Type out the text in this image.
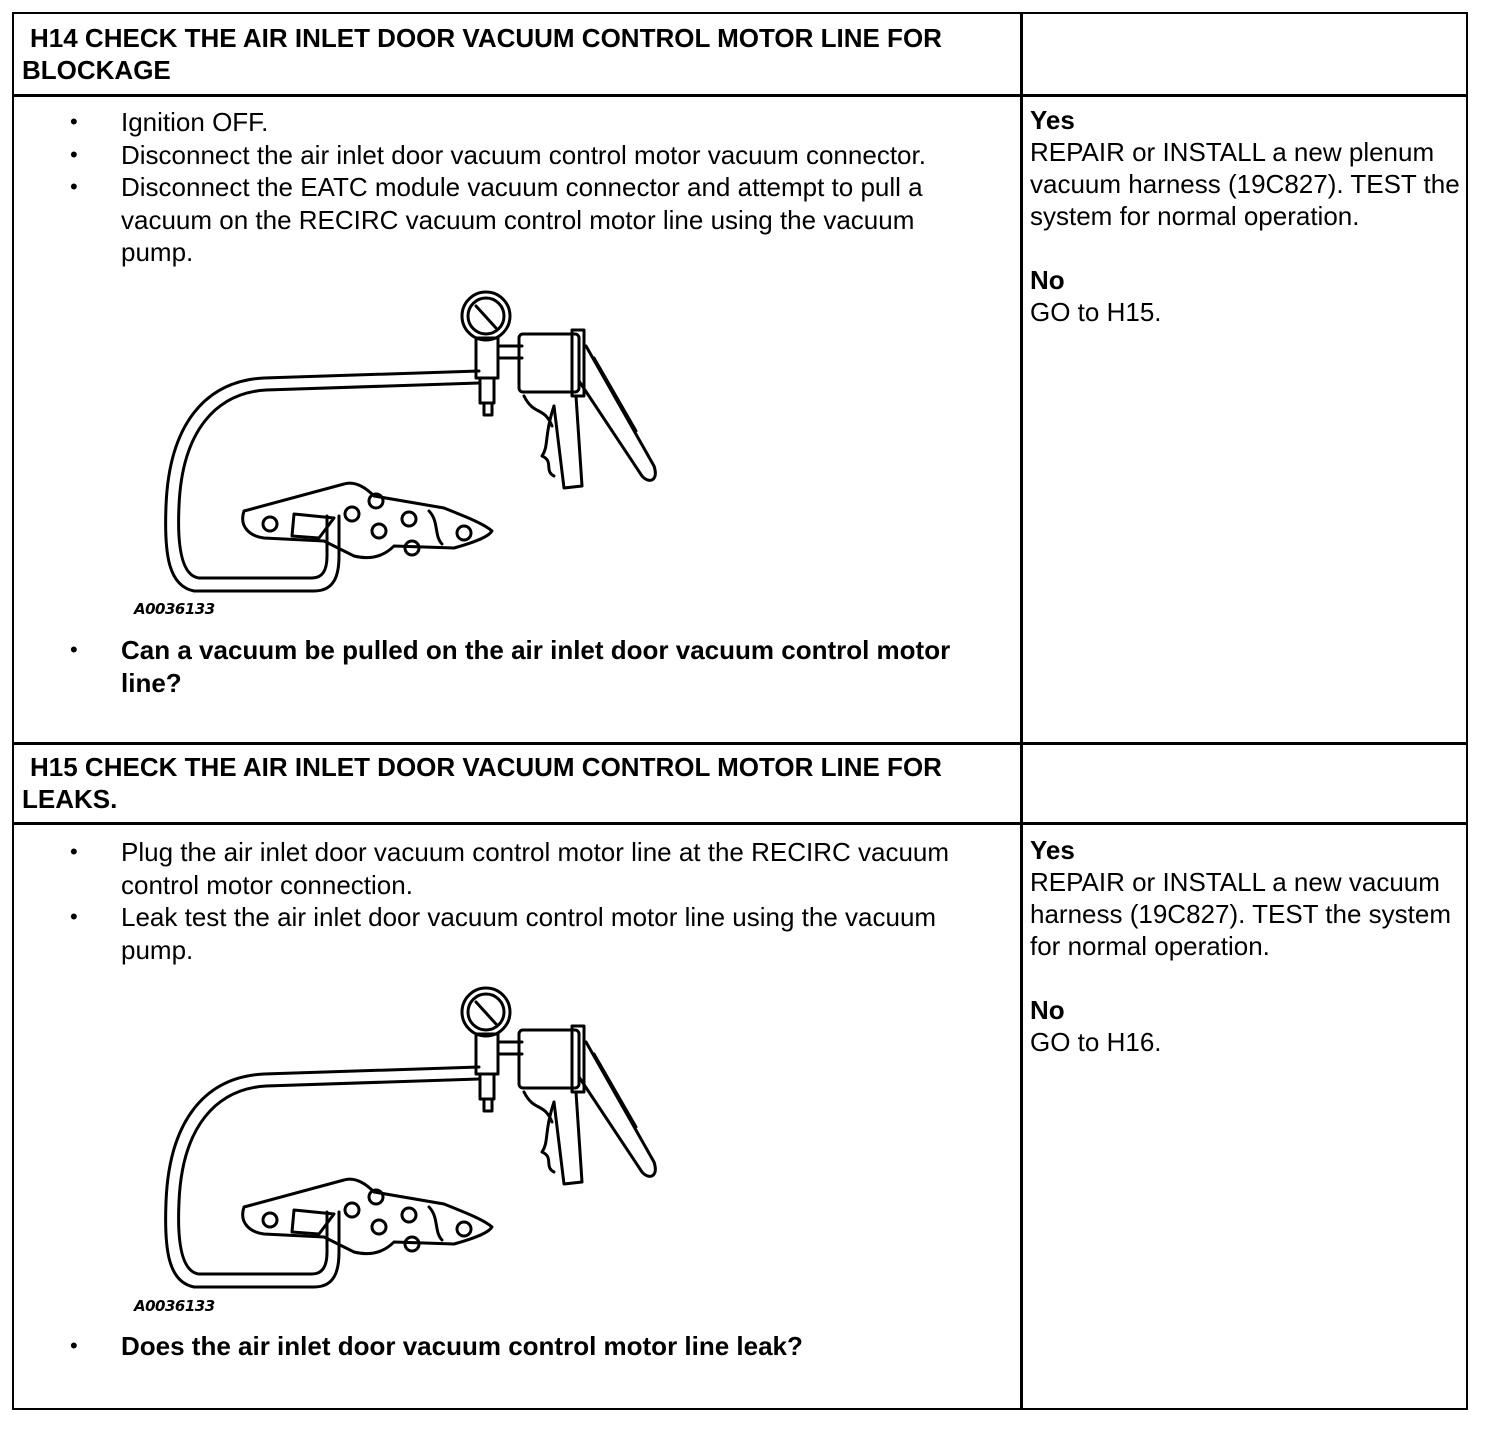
H14 CHECK THE AIR INLET DOOR VACUUM CONTROL MOTOR LINE FOR
BLOCKAGE
• Ignition OFF.
• Disconnect the air inlet door vacuum control motor vacuum connector.
• Disconnect the EATC module vacuum connector and attempt to pull a vacuum on the RECIRC vacuum control motor line using the vacuum pump.
A0036133
• Can a vacuum be pulled on the air inlet door vacuum control motor line?
Yes
REPAIR or INSTALL a new plenum vacuum harness (19C827). TEST the system for normal operation.
No
GO to H15.
H15 CHECK THE AIR INLET DOOR VACUUM CONTROL MOTOR LINE FOR
LEAKS.
• Plug the air inlet door vacuum control motor line at the RECIRC vacuum control motor connection.
• Leak test the air inlet door vacuum control motor line using the vacuum pump.
A0036133
• Does the air inlet door vacuum control motor line leak?
Yes
REPAIR or INSTALL a new vacuum harness (19C827). TEST the system for normal operation.
No
GO to H16.
